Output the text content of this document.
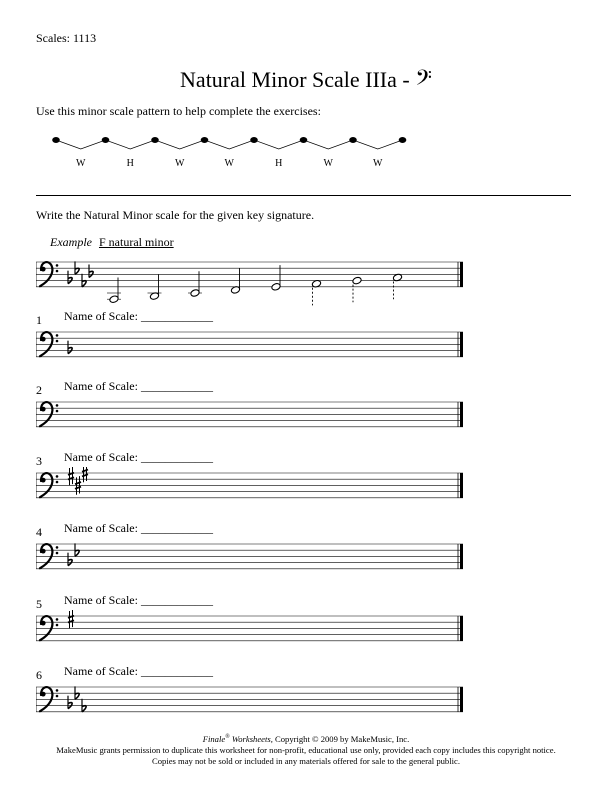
Scales: 1113
Natural Minor Scale IIIa - 𝄢
Use this minor scale pattern to help complete the exercises:
W	H	W	W	H	W	W
Write the Natural Minor scale for the given key signature.
Example F natural minor
1 Name of Scale: ____________
2 Name of Scale: ____________
3 Name of Scale: ____________
4 Name of Scale: ____________
5 Name of Scale: ____________
6 Name of Scale: ____________
Finale® Worksheets, Copyright © 2009 by MakeMusic, Inc.
MakeMusic grants permission to duplicate this worksheet for non-profit, educational use only, provided each copy includes this copyright notice.
Copies may not be sold or included in any materials offered for sale to the general public.
